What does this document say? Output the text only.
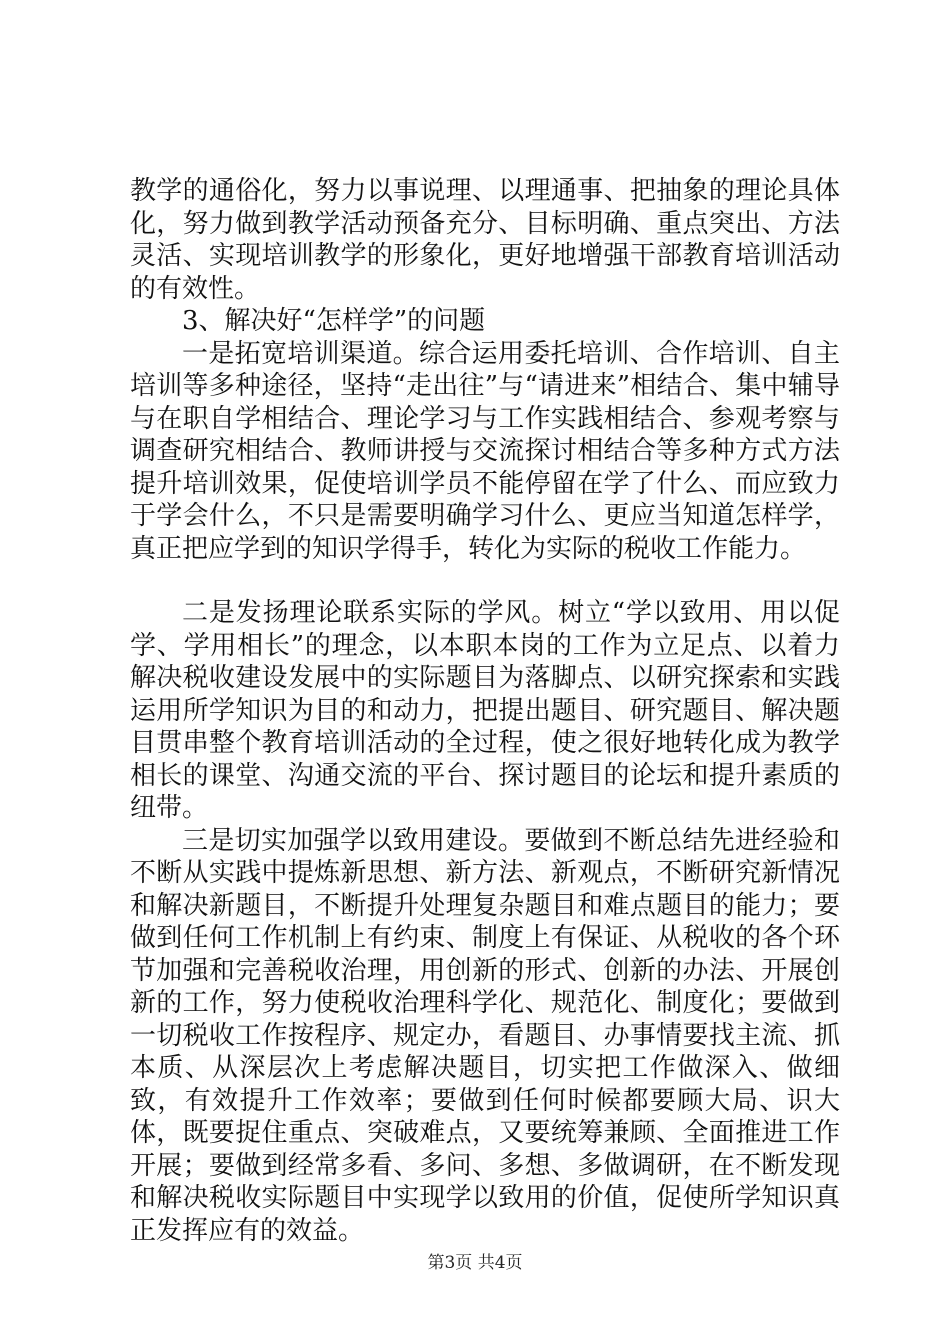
教学的通俗化，努力以事说理、以理通事、把抽象的理论具体化，努力做到教学活动预备充分、目标明确、重点突出、方法灵活、实现培训教学的形象化，更好地增强干部教育培训活动的有效性。

3、解决好“怎样学”的问题

一是拓宽培训渠道。综合运用委托培训、合作培训、自主培训等多种途径，坚持“走出往”与“请进来”相结合、集中辅导与在职自学相结合、理论学习与工作实践相结合、参观考察与调查研究相结合、教师讲授与交流探讨相结合等多种方式方法提升培训效果，促使培训学员不能停留在学了什么、而应致力于学会什么，不只是需要明确学习什么、更应当知道怎样学，真正把应学到的知识学得手，转化为实际的税收工作能力。

二是发扬理论联系实际的学风。树立“学以致用、用以促学、学用相长”的理念，以本职本岗的工作为立足点、以着力解决税收建设发展中的实际题目为落脚点、以研究探索和实践运用所学知识为目的和动力，把提出题目、研究题目、解决题目贯串整个教育培训活动的全过程，使之很好地转化成为教学相长的课堂、沟通交流的平台、探讨题目的论坛和提升素质的纽带。

三是切实加强学以致用建设。要做到不断总结先进经验和不断从实践中提炼新思想、新方法、新观点，不断研究新情况和解决新题目，不断提升处理复杂题目和难点题目的能力；要做到任何工作机制上有约束、制度上有保证、从税收的各个环节加强和完善税收治理，用创新的形式、创新的办法、开展创新的工作，努力使税收治理科学化、规范化、制度化；要做到一切税收工作按程序、规定办，看题目、办事情要找主流、抓本质、从深层次上考虑解决题目，切实把工作做深入、做细致，有效提升工作效率；要做到任何时候都要顾大局、识大体，既要捉住重点、突破难点，又要统筹兼顾、全面推进工作开展；要做到经常多看、多问、多想、多做调研，在不断发现和解决税收实际题目中实现学以致用的价值，促使所学知识真正发挥应有的效益。

第3页 共4页
